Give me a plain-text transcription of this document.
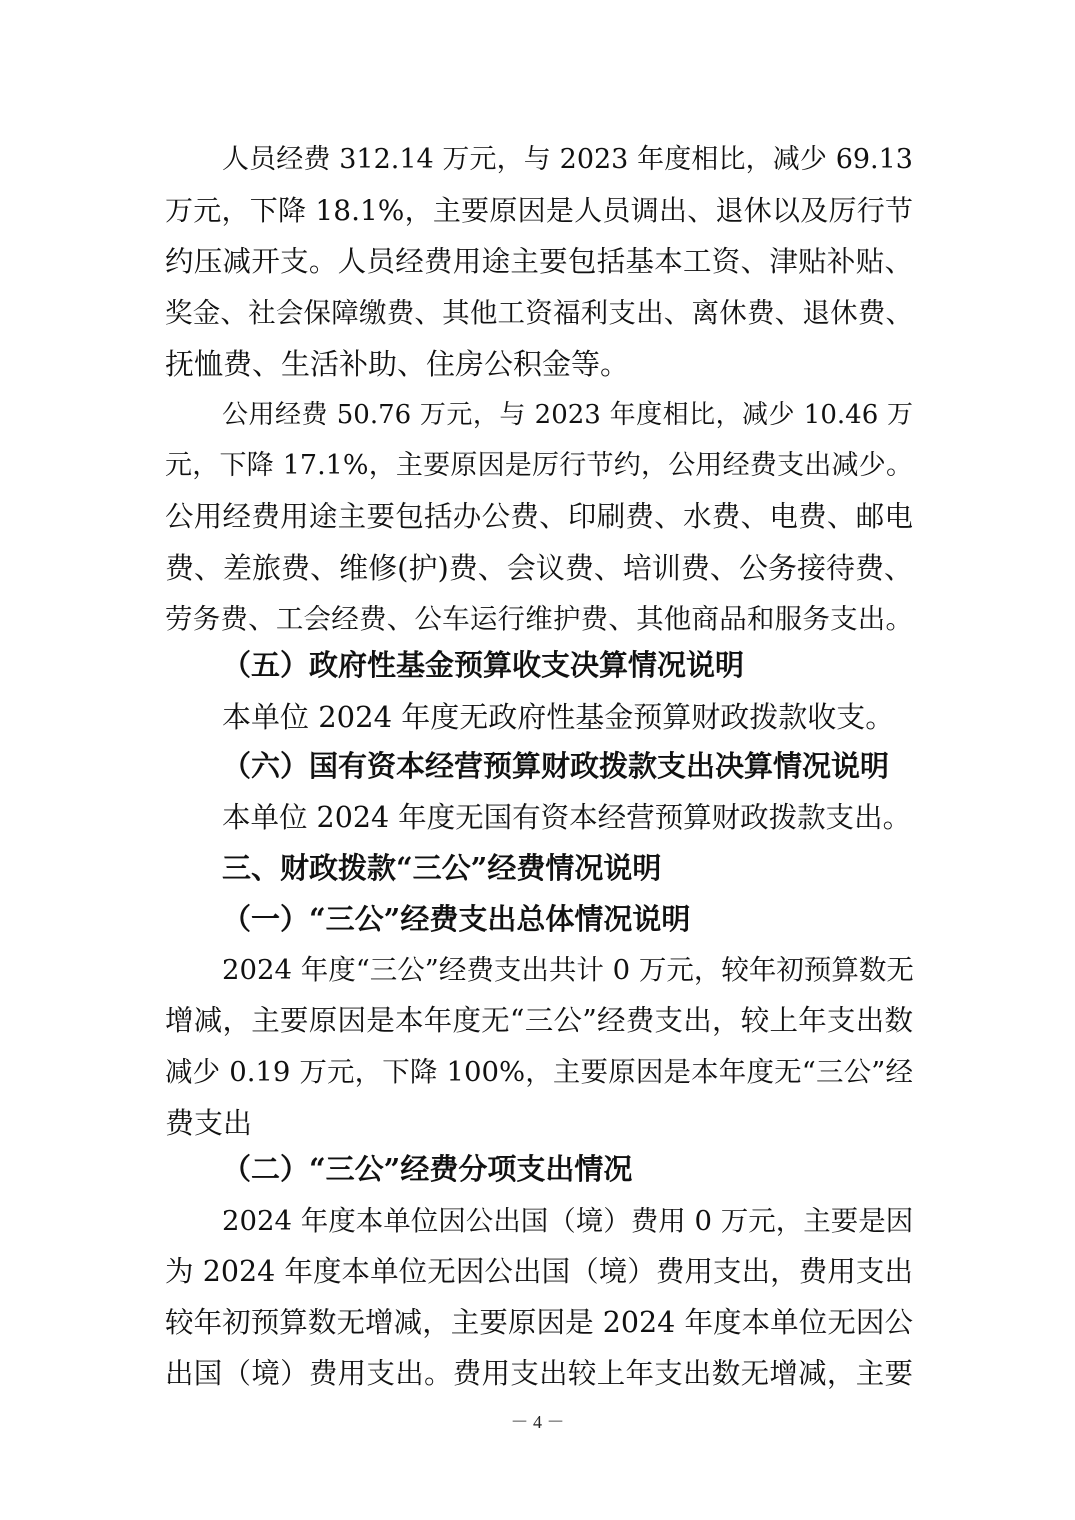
人员经费 312.14 万元，与 2023 年度相比，减少 69.13
万元，下降 18.1%，主要原因是人员调出、退休以及厉行节
约压减开支。人员经费用途主要包括基本工资、津贴补贴、
奖金、社会保障缴费、其他工资福利支出、离休费、退休费、
抚恤费、生活补助、住房公积金等。
公用经费 50.76 万元，与 2023 年度相比，减少 10.46 万
元，下降 17.1%，主要原因是厉行节约，公用经费支出减少。
公用经费用途主要包括办公费、印刷费、水费、电费、邮电
费、差旅费、维修(护)费、会议费、培训费、公务接待费、
劳务费、工会经费、公车运行维护费、其他商品和服务支出。
（五）政府性基金预算收支决算情况说明
本单位 2024 年度无政府性基金预算财政拨款收支。
（六）国有资本经营预算财政拨款支出决算情况说明
本单位 2024 年度无国有资本经营预算财政拨款支出。
三、财政拨款“三公”经费情况说明
（一）“三公”经费支出总体情况说明
2024 年度“三公”经费支出共计 0 万元，较年初预算数无
增减，主要原因是本年度无“三公”经费支出，较上年支出数
减少 0.19 万元，下降 100%，主要原因是本年度无“三公”经
费支出
（二）“三公”经费分项支出情况
2024 年度本单位因公出国（境）费用 0 万元，主要是因
为 2024 年度本单位无因公出国（境）费用支出，费用支出
较年初预算数无增减，主要原因是 2024 年度本单位无因公
出国（境）费用支出。费用支出较上年支出数无增减，主要
－ 4 －
